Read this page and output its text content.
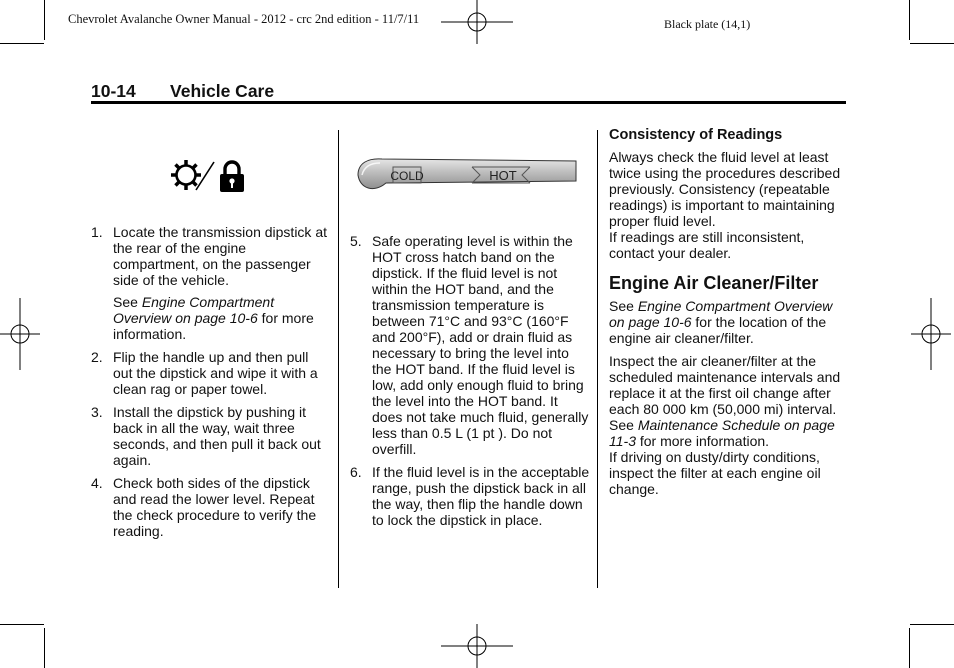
Chevrolet Avalanche Owner Manual - 2012 - crc 2nd edition - 11/7/11	Black plate (14,1)
10-14 Vehicle Care
COLD	HOT
1. Locate the transmission dipstick at the rear of the engine compartment, on the passenger side of the vehicle.

See Engine Compartment Overview on page 10-6 for more information.

2. Flip the handle up and then pull out the dipstick and wipe it with a clean rag or paper towel.

3. Install the dipstick by pushing it back in all the way, wait three seconds, and then pull it back out again.

4. Check both sides of the dipstick and read the lower level. Repeat the check procedure to verify the reading.

5. Safe operating level is within the HOT cross hatch band on the dipstick. If the fluid level is not within the HOT band, and the transmission temperature is between 71°C and 93°C (160°F and 200°F), add or drain fluid as necessary to bring the level into the HOT band. If the fluid level is low, add only enough fluid to bring the level into the HOT band. It does not take much fluid, generally less than 0.5 L (1 pt ). Do not overfill.

6. If the fluid level is in the acceptable range, push the dipstick back in all the way, then flip the handle down to lock the dipstick in place.

Consistency of Readings

Always check the fluid level at least twice using the procedures described previously. Consistency (repeatable readings) is important to maintaining proper fluid level.

If readings are still inconsistent, contact your dealer.

Engine Air Cleaner/Filter

See Engine Compartment Overview on page 10-6 for the location of the engine air cleaner/filter.

Inspect the air cleaner/filter at the scheduled maintenance intervals and replace it at the first oil change after each 80 000 km (50,000 mi) interval. See Maintenance Schedule on page 11-3 for more information.

If driving on dusty/dirty conditions, inspect the filter at each engine oil change.
